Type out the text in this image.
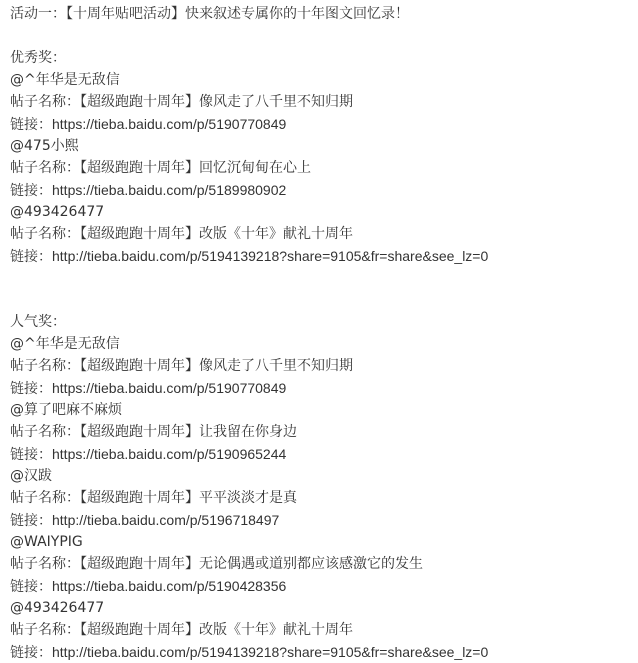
活动一：【十周年贴吧活动】快来叙述专属你的十年图文回忆录！
优秀奖：
@^年华是无敌信
帖子名称：【超级跑跑十周年】像风走了八千里不知归期
链接：https://tieba.baidu.com/p/5190770849
@475小熙
帖子名称：【超级跑跑十周年】回忆沉甸甸在心上
链接：https://tieba.baidu.com/p/5189980902
@493426477
帖子名称：【超级跑跑十周年】改版《十年》献礼十周年
链接：http://tieba.baidu.com/p/5194139218?share=9105&fr=share&see_lz=0
人气奖：
@^年华是无敌信
帖子名称：【超级跑跑十周年】像风走了八千里不知归期
链接：https://tieba.baidu.com/p/5190770849
@算了吧麻不麻烦
帖子名称：【超级跑跑十周年】让我留在你身边
链接：https://tieba.baidu.com/p/5190965244
@汉跋
帖子名称：【超级跑跑十周年】平平淡淡才是真
链接：http://tieba.baidu.com/p/5196718497
@WAIYPIG
帖子名称：【超级跑跑十周年】无论偶遇或道别都应该感激它的发生
链接：https://tieba.baidu.com/p/5190428356
@493426477
帖子名称：【超级跑跑十周年】改版《十年》献礼十周年
链接：http://tieba.baidu.com/p/5194139218?share=9105&fr=share&see_lz=0
